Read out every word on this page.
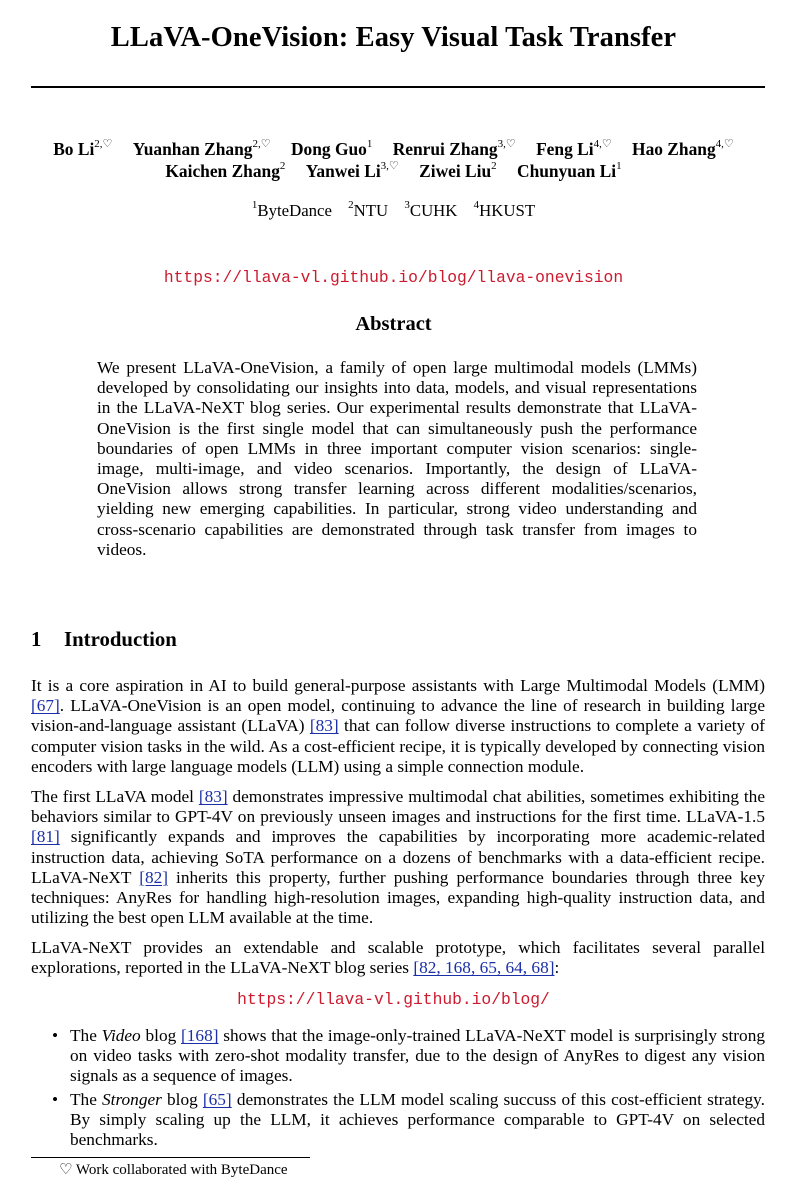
LLaVA-OneVision: Easy Visual Task Transfer
Bo $Li^{2,♡}$ Yuanhan Zhang$^{2,♡}$ Dong Guo$^1$ Renrui Zhang$^{3,♡}$ Feng $Li^{4,♡}$ Hao Zhang$^{4,♡}$
Kaichen Zhang$^2$ Yanwei $Li^{3,♡}$ Ziwei Liu$^2$ Chunyuan Li$^1$
$^1$ByteDance $^2$NTU $^3$CUHK $^4$HKUST
https://llava-vl.github.io/blog/llava-onevision
Abstract
We present LLaVA-OneVision, a family of open large multimodal models (LMMs) developed by consolidating our insights into data, models, and visual representations in the LLaVA-NeXT blog series. Our experimental results demonstrate that LLaVA-OneVision is the first single model that can simultaneously push the performance boundaries of open LMMs in three important computer vision scenarios: single-image, multi-image, and video scenarios. Importantly, the design of LLaVA-OneVision allows strong transfer learning across different modalities/scenarios, yielding new emerging capabilities. In particular, strong video understanding and cross-scenario capabilities are demonstrated through task transfer from images to videos.
1 Introduction
It is a core aspiration in AI to build general-purpose assistants with Large Multimodal Models (LMM) [67]. LLaVA-OneVision is an open model, continuing to advance the line of research in building large vision-and-language assistant (LLaVA) [83] that can follow diverse instructions to complete a variety of computer vision tasks in the wild. As a cost-efficient recipe, it is typically developed by connecting vision encoders with large language models (LLM) using a simple connection module.
The first LLaVA model [83] demonstrates impressive multimodal chat abilities, sometimes exhibiting the behaviors similar to GPT-4V on previously unseen images and instructions for the first time. LLaVA-1.5 [81] significantly expands and improves the capabilities by incorporating more academic-related instruction data, achieving SoTA performance on a dozens of benchmarks with a data-efficient recipe. LLaVA-NeXT [82] inherits this property, further pushing performance boundaries through three key techniques: AnyRes for handling high-resolution images, expanding high-quality instruction data, and utilizing the best open LLM available at the time.
LLaVA-NeXT provides an extendable and scalable prototype, which facilitates several parallel explorations, reported in the LLaVA-NeXT blog series [82, 168, 65, 64, 68]:
https://llava-vl.github.io/blog/
• The Video blog [168] shows that the image-only-trained LLaVA-NeXT model is surprisingly strong on video tasks with zero-shot modality transfer, due to the design of AnyRes to digest any vision signals as a sequence of images.
• The Stronger blog [65] demonstrates the LLM model scaling succuss of this cost-efficient strategy. By simply scaling up the LLM, it achieves performance comparable to GPT-4V on selected benchmarks.
♡ Work collaborated with ByteDance
